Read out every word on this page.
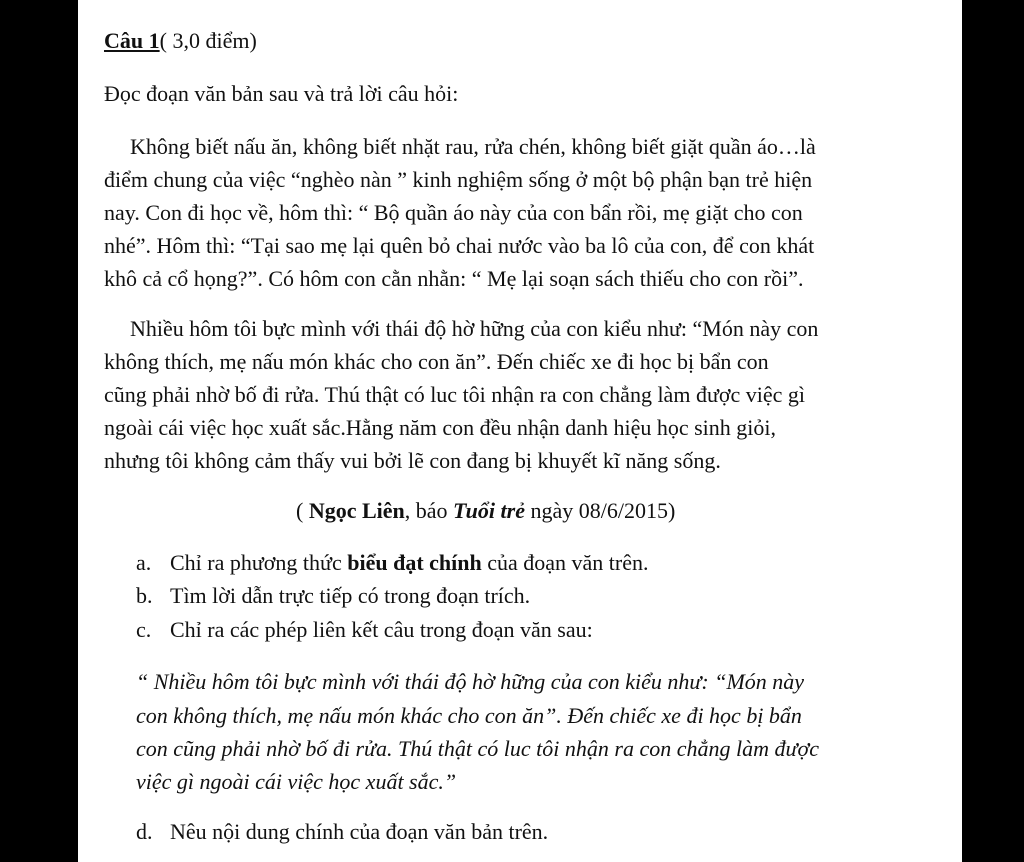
Câu 1( 3,0 điểm)
Đọc đoạn văn bản sau và trả lời câu hỏi:
Không biết nấu ăn, không biết nhặt rau, rửa chén, không biết giặt quần áo…là
điểm chung của việc “nghèo nàn ” kinh nghiệm sống ở một bộ phận bạn trẻ hiện
nay. Con đi học về, hôm thì: “ Bộ quần áo này của con bẩn rồi, mẹ giặt cho con
nhé”. Hôm thì: “Tại sao mẹ lại quên bỏ chai nước vào ba lô của con, để con khát
khô cả cổ họng?”. Có hôm con cằn nhằn: “ Mẹ lại soạn sách thiếu cho con rồi”.
Nhiều hôm tôi bực mình với thái độ hờ hững của con kiểu như: “Món này con
không thích, mẹ nấu món khác cho con ăn”. Đến chiếc xe đi học bị bẩn con
cũng phải nhờ bố đi rửa. Thú thật có luc tôi nhận ra con chẳng làm được việc gì
ngoài cái việc học xuất sắc.Hằng năm con đều nhận danh hiệu học sinh giỏi,
nhưng tôi không cảm thấy vui bởi lẽ con đang bị khuyết kĩ năng sống.
( Ngọc Liên, báo Tuổi trẻ ngày 08/6/2015)
a. Chỉ ra phương thức biểu đạt chính của đoạn văn trên.
b. Tìm lời dẫn trực tiếp có trong đoạn trích.
c. Chỉ ra các phép liên kết câu trong đoạn văn sau:
“ Nhiều hôm tôi bực mình với thái độ hờ hững của con kiểu như: “Món này
con không thích, mẹ nấu món khác cho con ăn”. Đến chiếc xe đi học bị bẩn
con cũng phải nhờ bố đi rửa. Thú thật có luc tôi nhận ra con chẳng làm được
việc gì ngoài cái việc học xuất sắc.”
d. Nêu nội dung chính của đoạn văn bản trên.
